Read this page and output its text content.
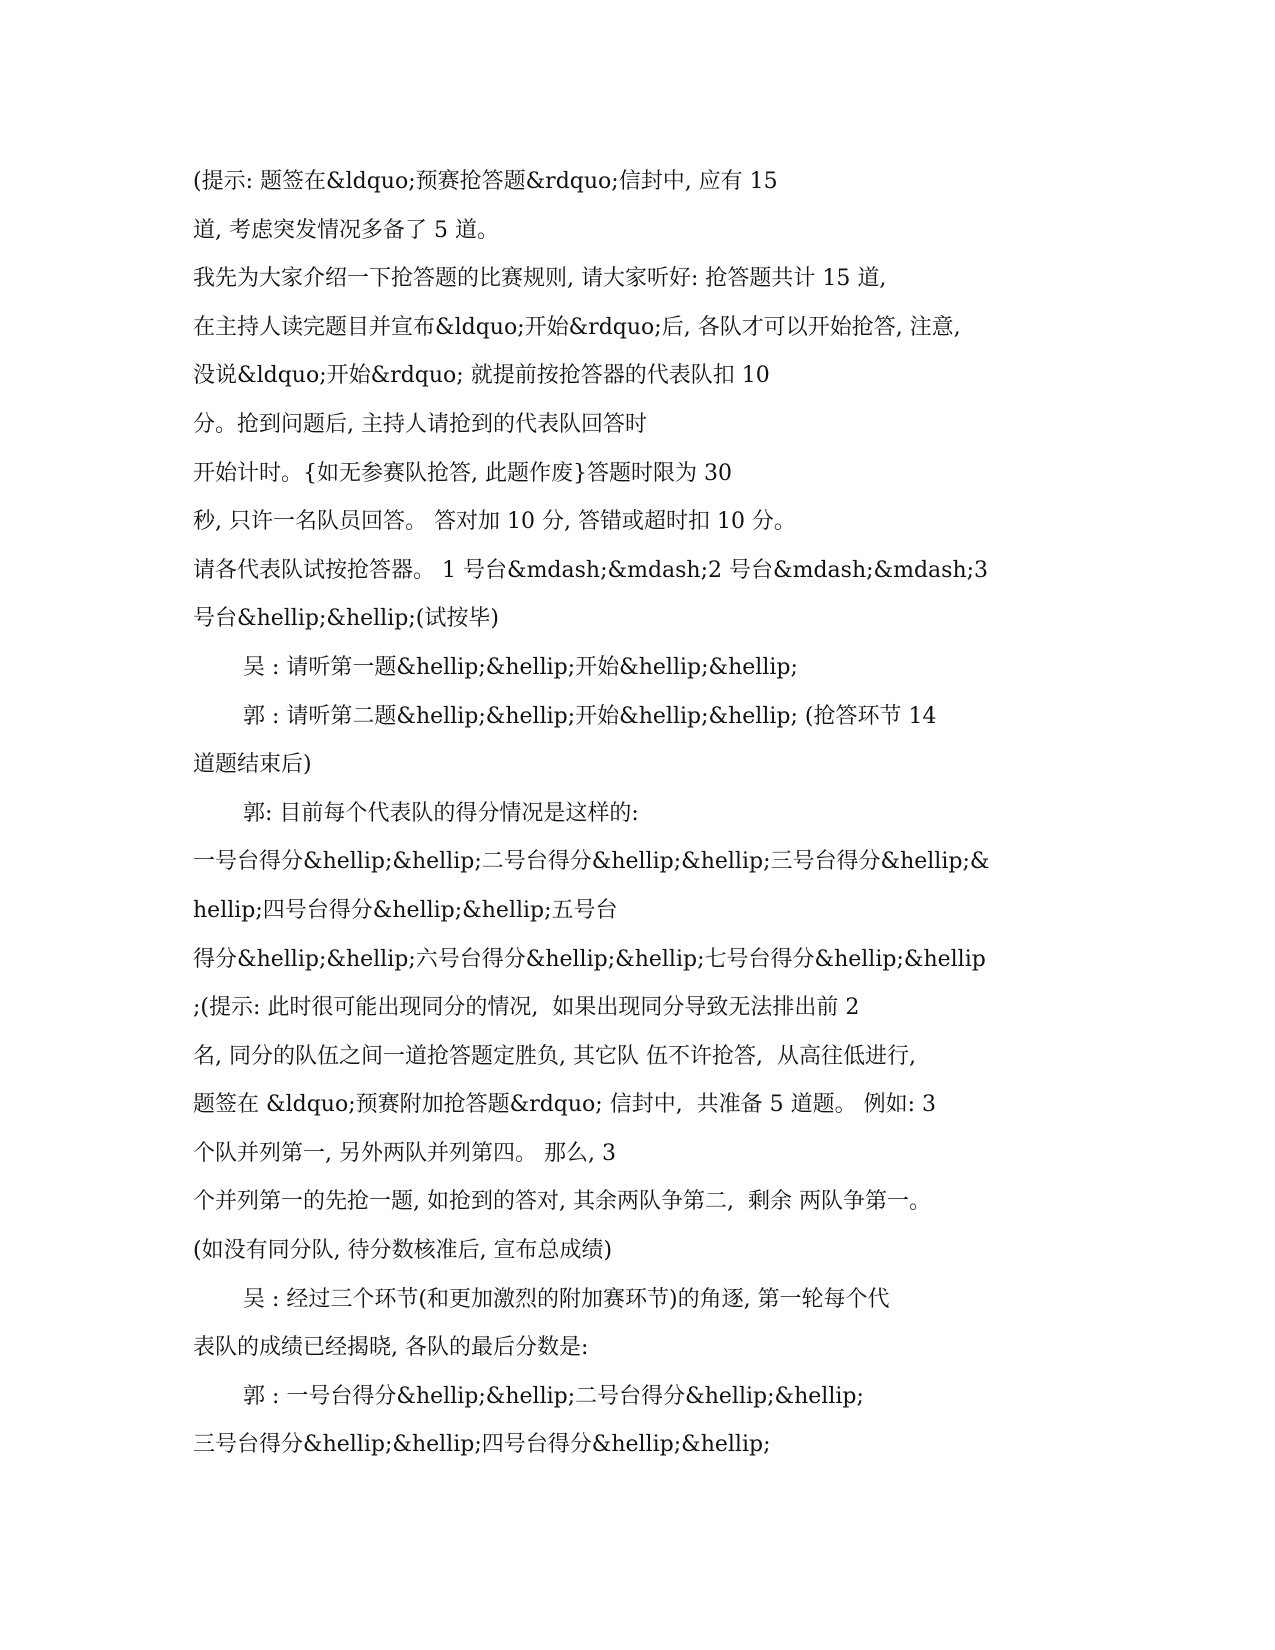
(提示: 题签在&ldquo;预赛抢答题&rdquo;信封中, 应有 15
道, 考虑突发情况多备了 5 道。
我先为大家介绍一下抢答题的比赛规则, 请大家听好: 抢答题共计 15 道,
在主持人读完题目并宣布&ldquo;开始&rdquo;后, 各队才可以开始抢答, 注意,
没说&ldquo;开始&rdquo; 就提前按抢答器的代表队扣 10
分。抢到问题后, 主持人请抢到的代表队回答时
开始计时。{如无参赛队抢答, 此题作废}答题时限为 30
秒, 只许一名队员回答。 答对加 10 分, 答错或超时扣 10 分。
请各代表队试按抢答器。 1 号台&mdash;&mdash;2 号台&mdash;&mdash;3
号台&hellip;&hellip;(试按毕)
吴 : 请听第一题&hellip;&hellip;开始&hellip;&hellip;
郭 : 请听第二题&hellip;&hellip;开始&hellip;&hellip; (抢答环节 14
道题结束后)
郭: 目前每个代表队的得分情况是这样的:
一号台得分&hellip;&hellip;二号台得分&hellip;&hellip;三号台得分&hellip;&
hellip;四号台得分&hellip;&hellip;五号台
得分&hellip;&hellip;六号台得分&hellip;&hellip;七号台得分&hellip;&hellip
;(提示: 此时很可能出现同分的情况,  如果出现同分导致无法排出前 2
名, 同分的队伍之间一道抢答题定胜负, 其它队 伍不许抢答,  从高往低进行,
题签在 &ldquo;预赛附加抢答题&rdquo; 信封中,  共准备 5 道题。 例如: 3
个队并列第一, 另外两队并列第四。 那么, 3
个并列第一的先抢一题, 如抢到的答对, 其余两队争第二,  剩余 两队争第一。
(如没有同分队, 待分数核准后, 宣布总成绩)
吴 : 经过三个环节(和更加激烈的附加赛环节)的角逐, 第一轮每个代
表队的成绩已经揭晓, 各队的最后分数是:
郭 : 一号台得分&hellip;&hellip;二号台得分&hellip;&hellip;
三号台得分&hellip;&hellip;四号台得分&hellip;&hellip;
